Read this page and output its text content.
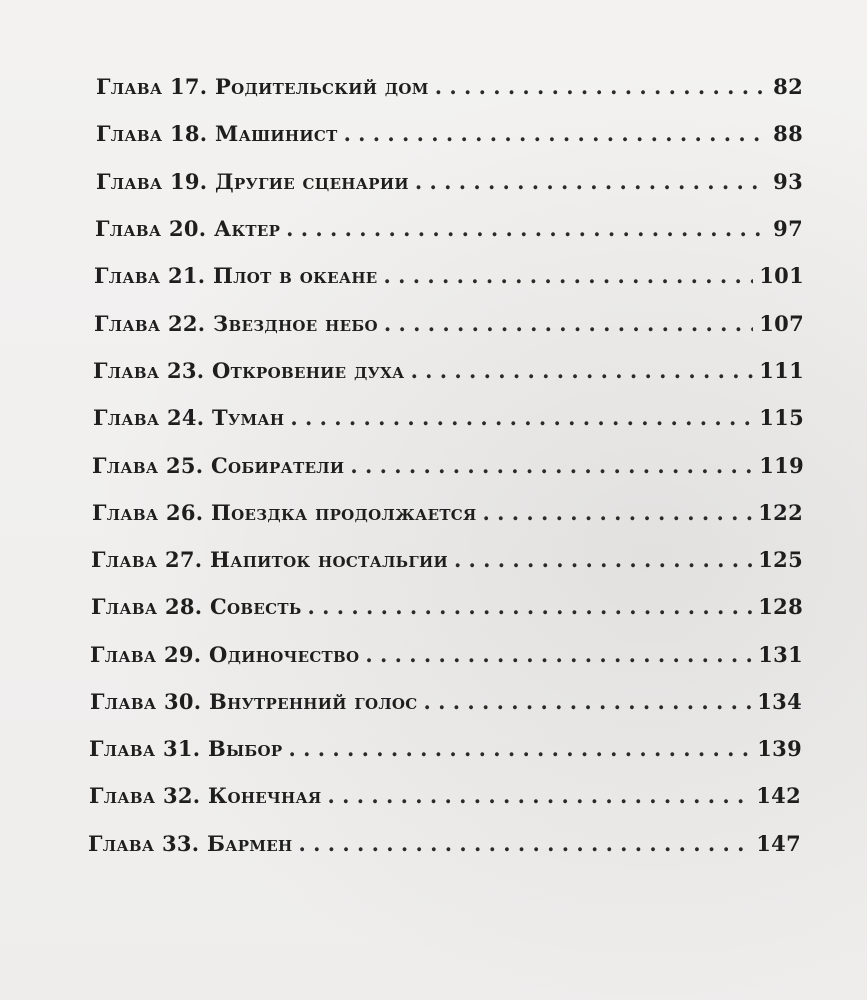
Глава 17. Родительский дом . . .	82
Глава 18. Машинист . . .	88
Глава 19. Другие сценарии . . .	93
Глава 20. Актер . . .	97
Глава 21. Плот в океане . . .	101
Глава 22. Звездное небо . . .	107
Глава 23. Откровение духа . . .	111
Глава 24. Туман . . .	115
Глава 25. Собиратели . . .	119
Глава 26. Поездка продолжается . . .	122
Глава 27. Напиток ностальгии . . .	125
Глава 28. Совесть . . .	128
Глава 29. Одиночество . . .	131
Глава 30. Внутренний голос . . .	134
Глава 31. Выбор . . .	139
Глава 32. Конечная . . .	142
Глава 33. Бармен . . .	147
